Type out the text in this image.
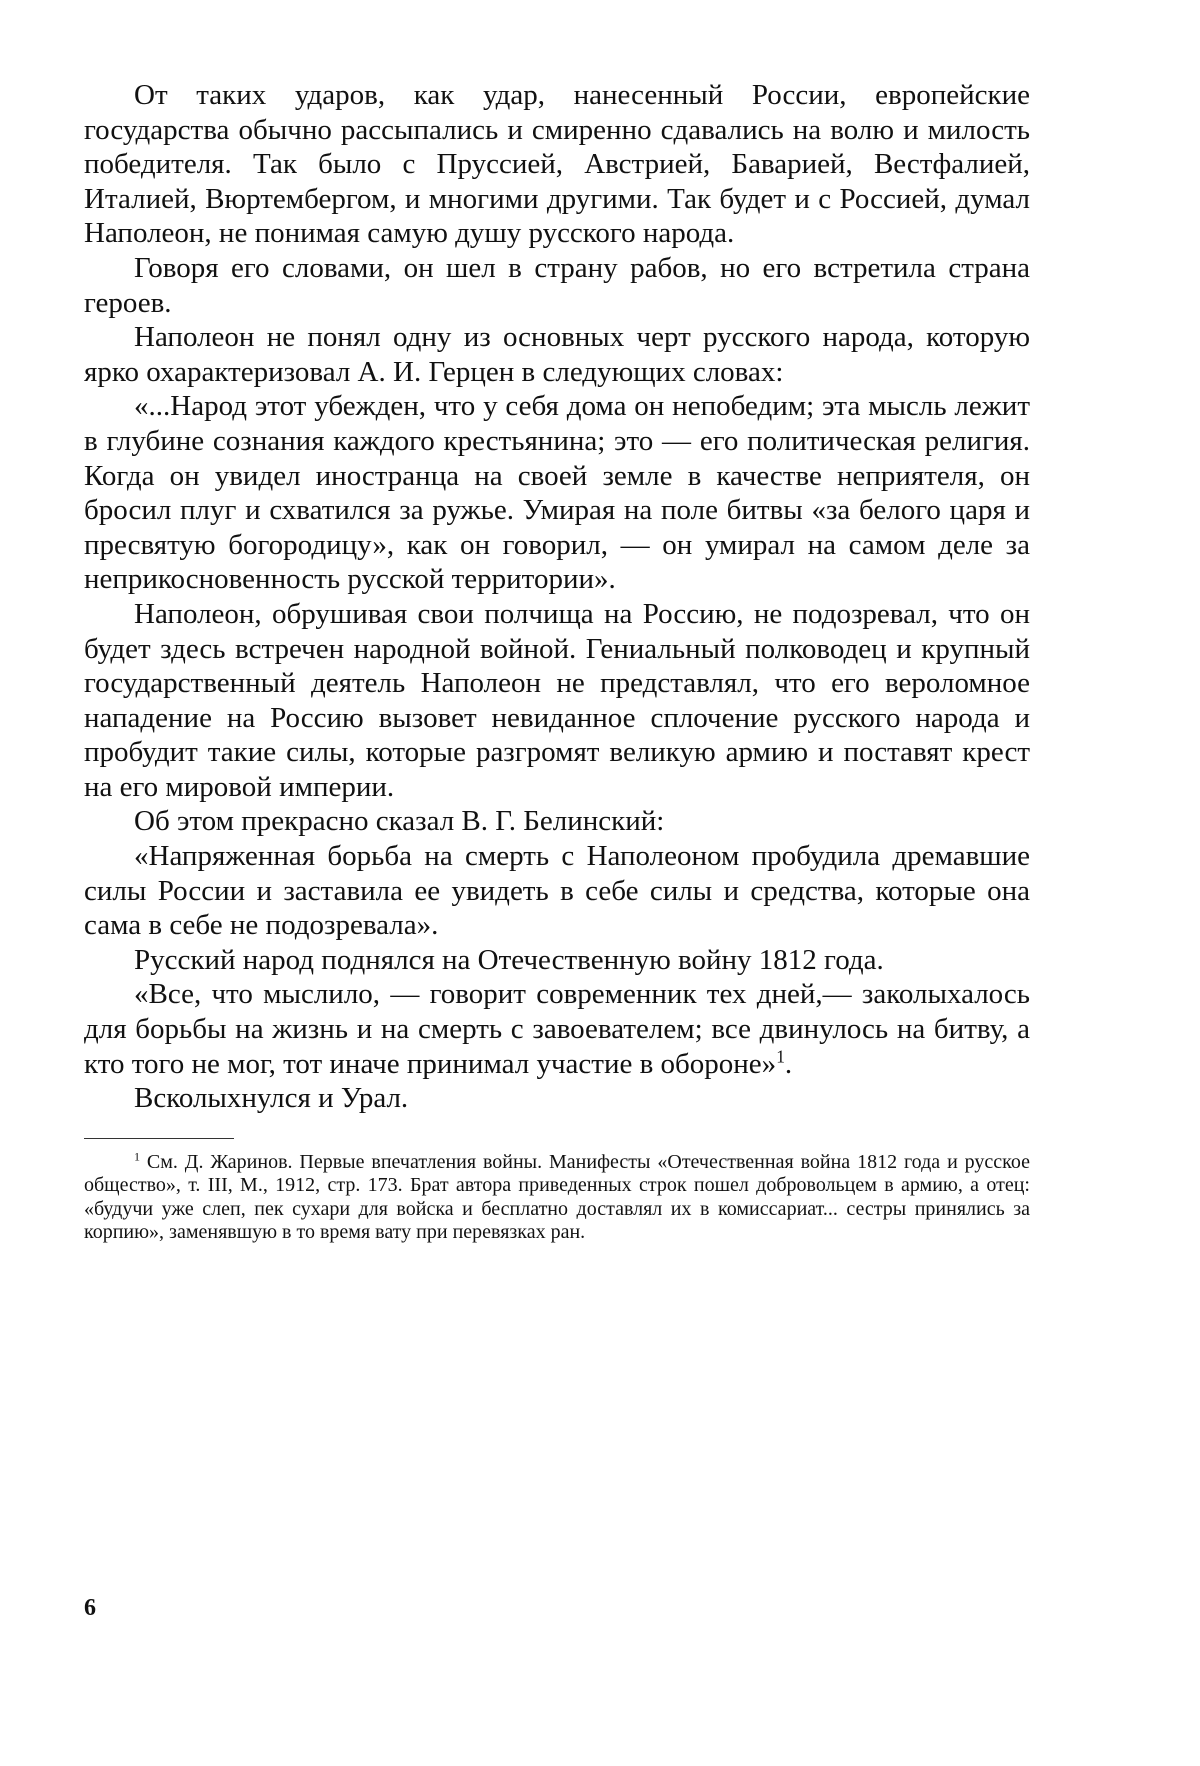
От таких ударов, как удар, нанесенный России, европейские государства обычно рассыпались и смиренно сдавались на волю и милость победителя. Так было с Пруссией, Австрией, Баварией, Вестфалией, Италией, Вюртембергом, и многими другими. Так будет и с Россией, думал Наполеон, не понимая самую душу русского народа.

Говоря его словами, он шел в страну рабов, но его встретила страна героев.

Наполеон не понял одну из основных черт русского народа, которую ярко охарактеризовал А. И. Герцен в следующих словах:

«...Народ этот убежден, что у себя дома он непобедим; эта мысль лежит в глубине сознания каждого крестьянина; это — его политическая религия. Когда он увидел иностранца на своей земле в качестве неприятеля, он бросил плуг и схватился за ружье. Умирая на поле битвы «за белого царя и пресвятую богородицу», как он говорил, — он умирал на самом деле за неприкосновенность русской территории».

Наполеон, обрушивая свои полчища на Россию, не подозревал, что он будет здесь встречен народной войной. Гениальный полководец и крупный государственный деятель Наполеон не представлял, что его вероломное нападение на Россию вызовет невиданное сплочение русского народа и пробудит такие силы, которые разгромят великую армию и поставят крест на его мировой империи.

Об этом прекрасно сказал В. Г. Белинский:

«Напряженная борьба на смерть с Наполеоном пробудила дремавшие силы России и заставила ее увидеть в себе силы и средства, которые она сама в себе не подозревала».

Русский народ поднялся на Отечественную войну 1812 года.

«Все, что мыслило, — говорит современник тех дней,— заколыхалось для борьбы на жизнь и на смерть с завоевателем; все двинулось на битву, а кто того не мог, тот иначе принимал участие в обороне»$^1$.

Всколыхнулся и Урал.

$^1$ См. Д. Жаринов. Первые впечатления войны. Манифесты «Отечественная война 1812 года и русское общество», т. III, М., 1912, стр. 173. Брат автора приведенных строк пошел добровольцем в армию, а отец: «будучи уже слеп, пек сухари для войска и бесплатно доставлял их в комиссариат... сестры принялись за корпию», заменявшую в то время вату при перевязках ран.

6
